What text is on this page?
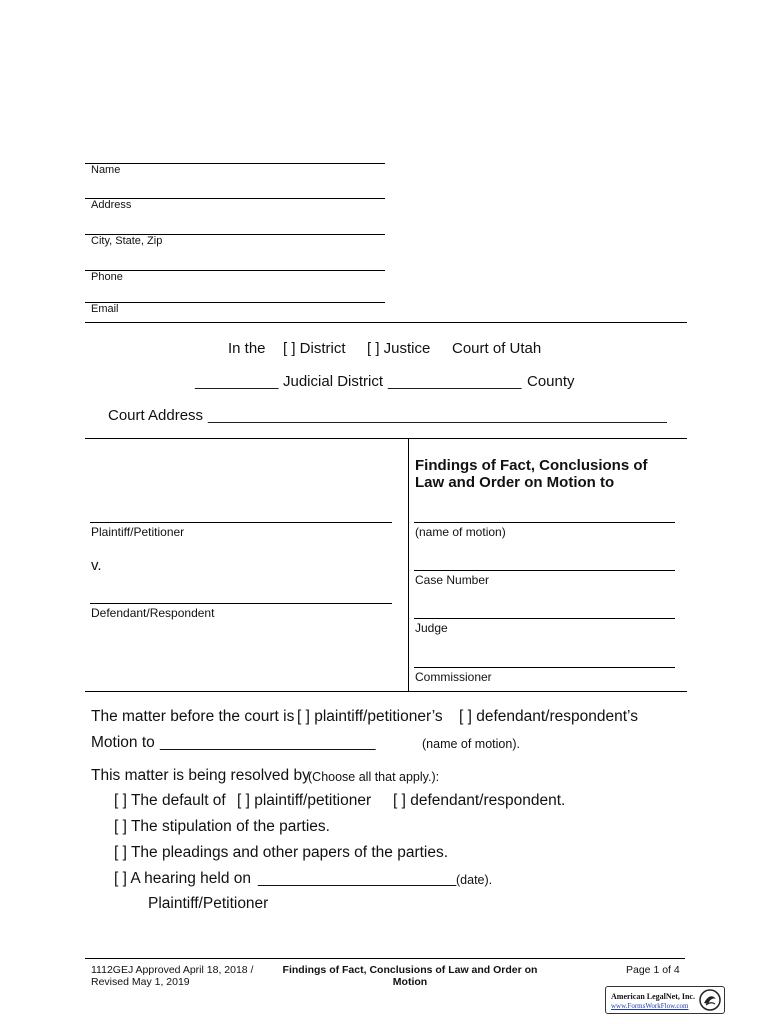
Name
Address
City, State, Zip
Phone
Email
In the [ ] District [ ] Justice Court of Utah
__________ Judicial District ________________ County
Court Address _______________________________________________________
Plaintiff/Petitioner
v.
Defendant/Respondent
Findings of Fact, Conclusions of
Law and Order on Motion to
(name of motion)
Case Number
Judge
Commissioner
The matter before the court is [ ] plaintiff/petitioner’s [ ] defendant/respondent’s
Motion to _________________________	(name of motion).
This matter is being resolved by
(Choose all that apply.):
[ ] The default of [ ] plaintiff/petitioner [ ] defendant/respondent.
[ ] The stipulation of the parties.
[ ] The pleadings and other papers of the parties.
[ ] A hearing held on _______________________ (date).
Plaintiff/Petitioner
1112GEJ Approved April 18, 2018 /
Revised May 1, 2019
Findings of Fact, Conclusions of Law and Order on
Motion
Page 1 of 4
American LegalNet, Inc.
www.FormsWorkFlow.com
